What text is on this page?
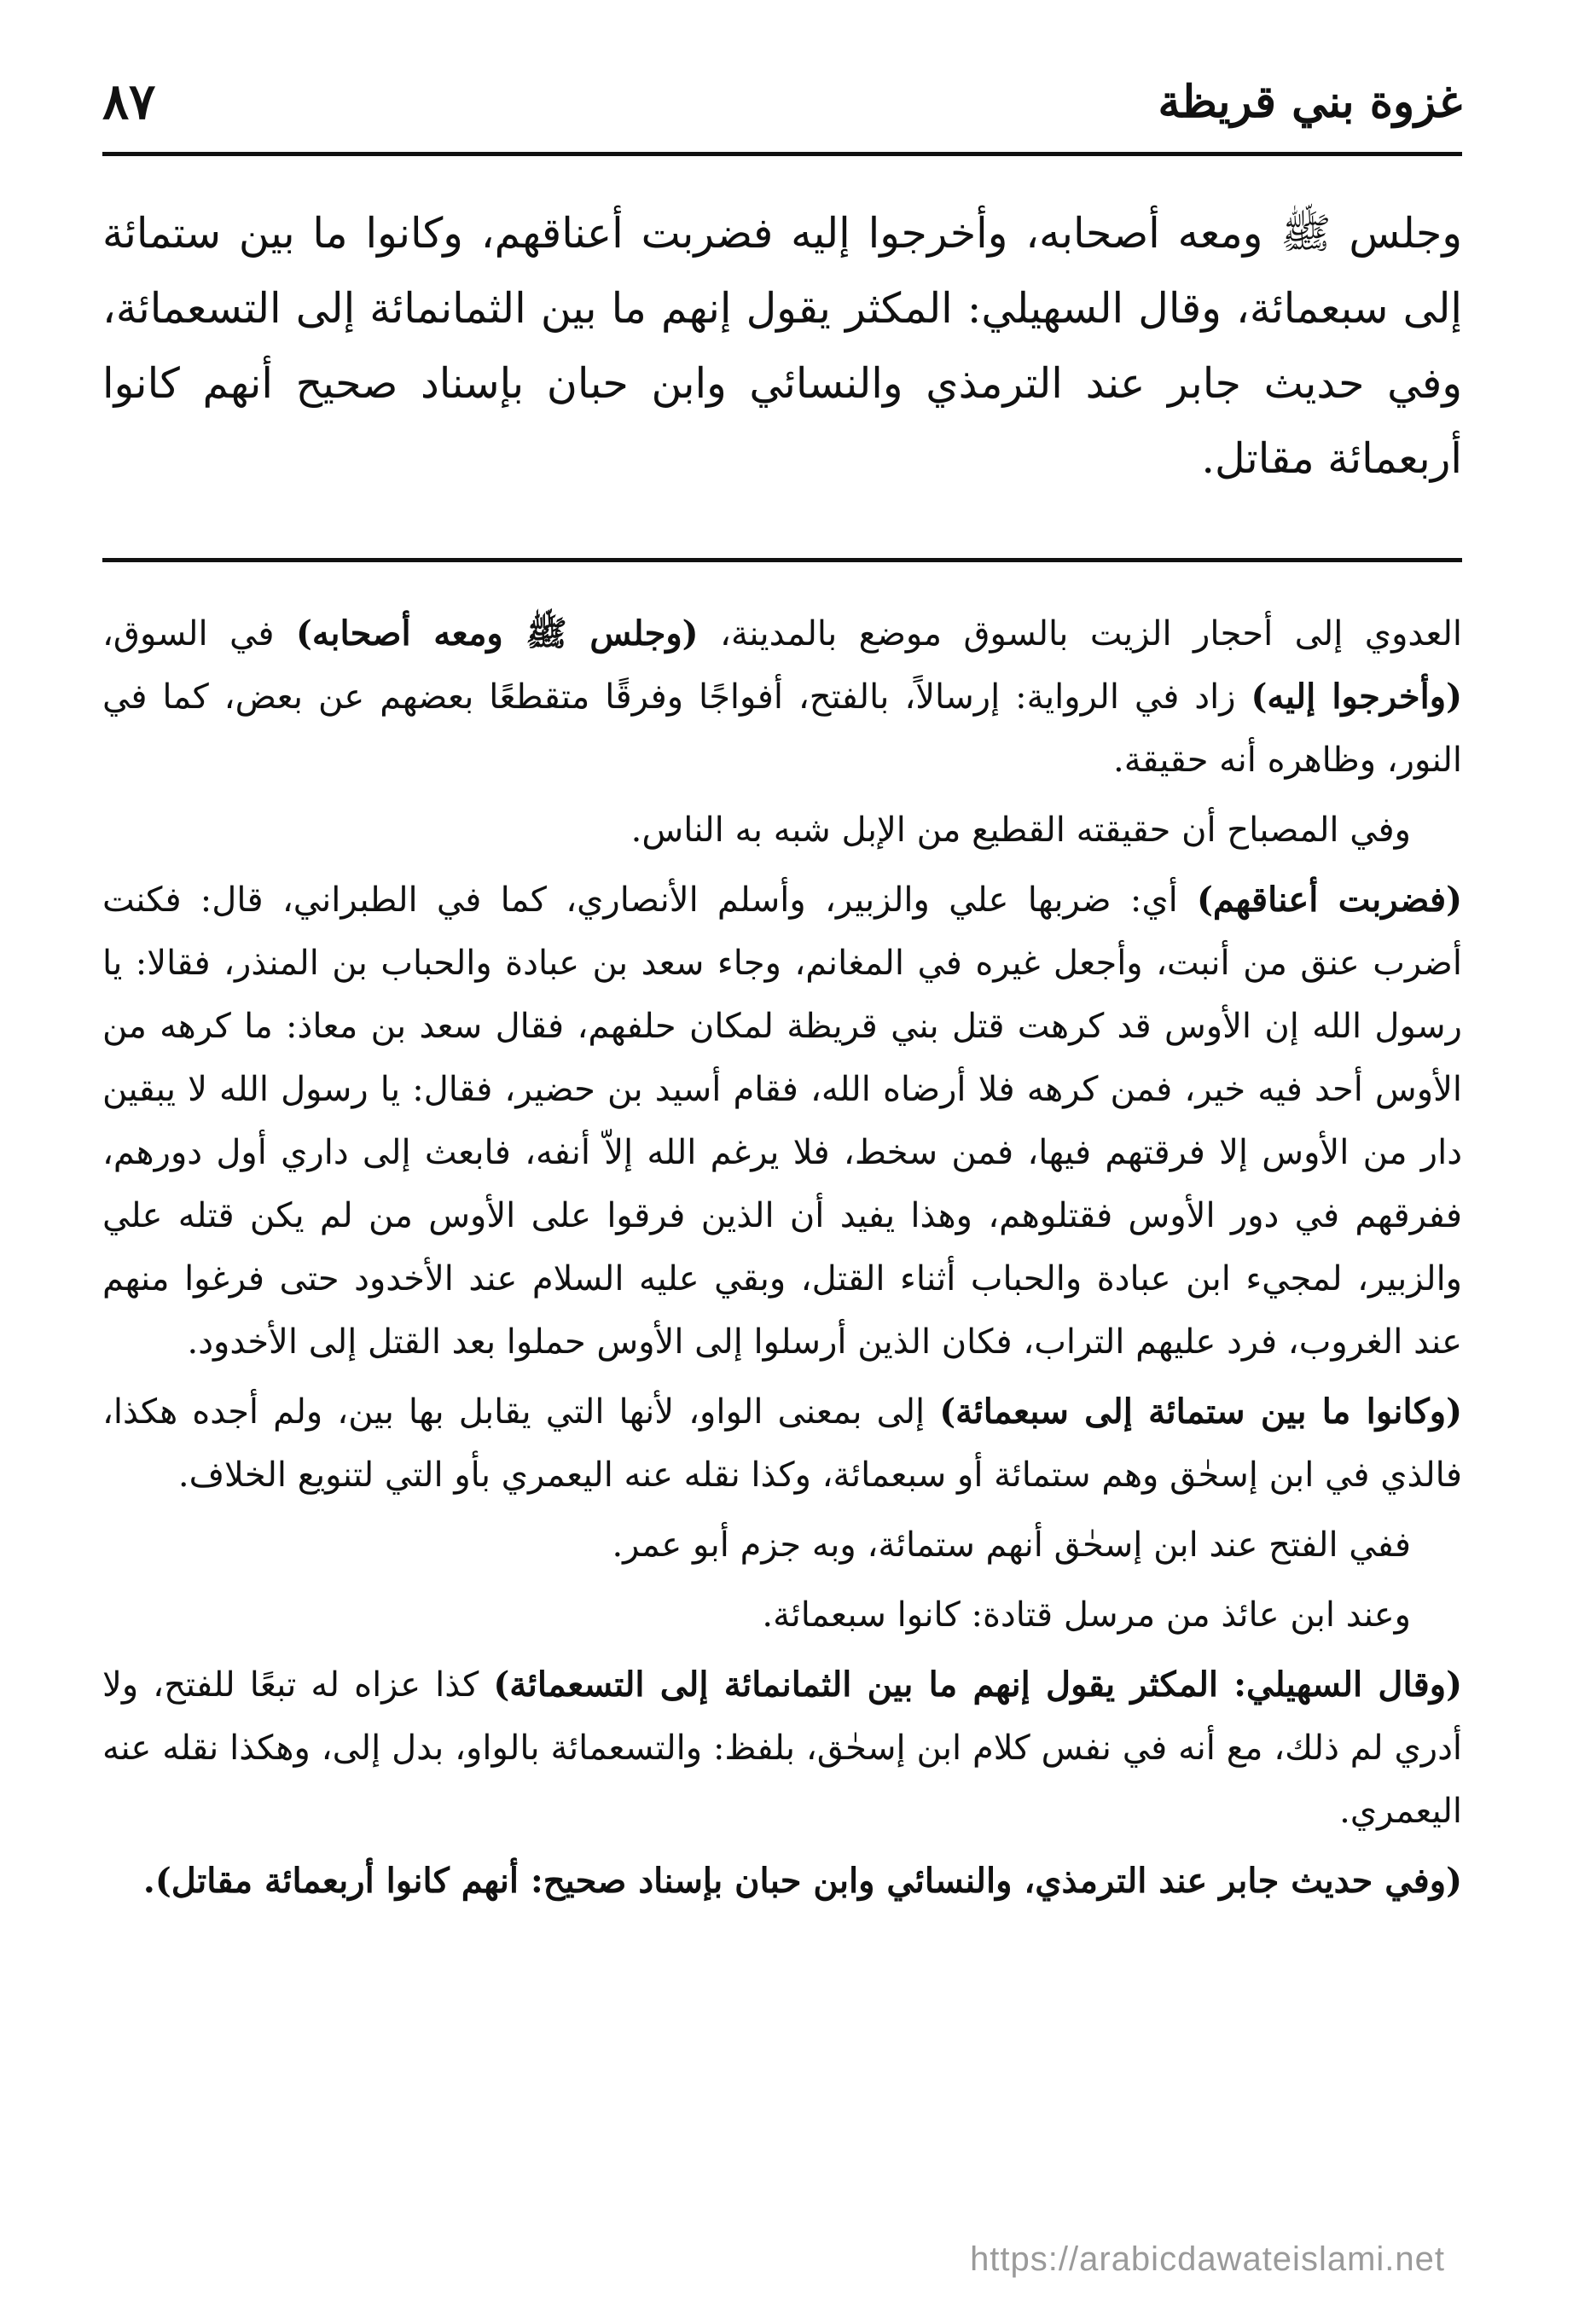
غزوة بني قريظة
٨٧

وجلس ﷺ ومعه أصحابه، وأخرجوا إليه فضربت أعناقهم، وكانوا ما بين ستمائة إلى سبعمائة، وقال السهيلي: المكثر يقول إنهم ما بين الثمانمائة إلى التسعمائة، وفي حديث جابر عند الترمذي والنسائي وابن حبان بإسناد صحيح أنهم كانوا أربعمائة مقاتل.

العدوي إلى أحجار الزيت بالسوق موضع بالمدينة، (وجلس ﷺ ومعه أصحابه) في السوق، (وأخرجوا إليه) زاد في الرواية: إرسالاً، بالفتح، أفواجًا وفرقًا متقطعًا بعضهم عن بعض، كما في النور، وظاهره أنه حقيقة.

وفي المصباح أن حقيقته القطيع من الإبل شبه به الناس.

(فضربت أعناقهم) أي: ضربها علي والزبير، وأسلم الأنصاري، كما في الطبراني، قال: فكنت أضرب عنق من أنبت، وأجعل غيره في المغانم، وجاء سعد بن عبادة والحباب بن المنذر، فقالا: يا رسول الله إن الأوس قد كرهت قتل بني قريظة لمكان حلفهم، فقال سعد بن معاذ: ما كرهه من الأوس أحد فيه خير، فمن كرهه فلا أرضاه الله، فقام أسيد بن حضير، فقال: يا رسول الله لا يبقين دار من الأوس إلا فرقتهم فيها، فمن سخط، فلا يرغم الله إلاّ أنفه، فابعث إلى داري أول دورهم، ففرقهم في دور الأوس فقتلوهم، وهذا يفيد أن الذين فرقوا على الأوس من لم يكن قتله علي والزبير، لمجيء ابن عبادة والحباب أثناء القتل، وبقي عليه السلام عند الأخدود حتى فرغوا منهم عند الغروب، فرد عليهم التراب، فكان الذين أرسلوا إلى الأوس حملوا بعد القتل إلى الأخدود.

(وكانوا ما بين ستمائة إلى سبعمائة) إلى بمعنى الواو، لأنها التي يقابل بها بين، ولم أجده هكذا، فالذي في ابن إسحٰق وهم ستمائة أو سبعمائة، وكذا نقله عنه اليعمري بأو التي لتنويع الخلاف.

ففي الفتح عند ابن إسحٰق أنهم ستمائة، وبه جزم أبو عمر.

وعند ابن عائذ من مرسل قتادة: كانوا سبعمائة.

(وقال السهيلي: المكثر يقول إنهم ما بين الثمانمائة إلى التسعمائة) كذا عزاه له تبعًا للفتح، ولا أدري لم ذلك، مع أنه في نفس كلام ابن إسحٰق، بلفظ: والتسعمائة بالواو، بدل إلى، وهكذا نقله عنه اليعمري.

(وفي حديث جابر عند الترمذي، والنسائي وابن حبان بإسناد صحيح: أنهم كانوا أربعمائة مقاتل).

https://arabicdawateislami.net
